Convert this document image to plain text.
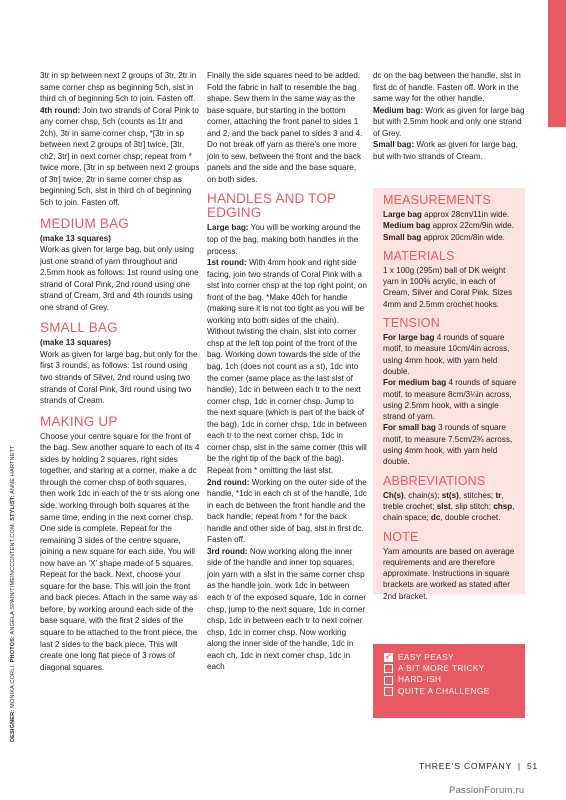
3tr in sp between next 2 groups of 3tr, 2tr in same corner chsp as beginning 5ch, slst in third ch of beginning 5ch to join. Fasten off.

4th round: Join two strands of Coral Pink to any corner chsp, 5ch (counts as 1tr and 2ch), 3tr in same corner chsp, *[3tr in sp between next 2 groups of 3tr] twice, [3tr, ch2, 3tr] in next corner chsp; repeat from * twice more, [3tr in sp between next 2 groups of 3tr] twice, 2tr in same corner chsp as beginning 5ch, slst in third ch of beginning 5ch to join. Fasten off.

MEDIUM BAG

(make 13 squares)

Work as given for large bag, but only using just one strand of yarn throughout and 2.5mm hook as follows: 1st round using one strand of Coral Pink, 2nd round using one strand of Cream, 3rd and 4th rounds using one strand of Grey.

SMALL BAG

(make 13 squares)

Work as given for large bag, but only for the first 3 rounds, as follows: 1st round using two strands of Silver, 2nd round using two strands of Coral Pink, 3rd round using two strands of Cream.

MAKING UP

Choose your centre square for the front of the bag. Sew another square to each of its 4 sides by holding 2 squares, right sides together, and staring at a corner, make a dc through the corner chsp of both squares, then work 1dc in each of the tr sts along one side, working through both squares at the same time, ending in the next corner chsp. One side is complete. Repeat for the remaining 3 sides of the centre square, joining a new square for each side. You will now have an ‘X’ shape made of 5 squares. Repeat for the back. Next, choose your square for the base. This will join the front and back pieces. Attach in the same way as before, by working around each side of the base square, with the first 2 sides of the square to be attached to the front piece, the last 2 sides to the back piece. This will create one long flat piece of 3 rows of diagonal squares.

Finally the side squares need to be added. Fold the fabric in half to resemble the bag shape. Sew them in the same way as the base square, but starting in the bottom corner, attaching the front panel to sides 1 and 2, and the back panel to sides 3 and 4. Do not break off yarn as there’s one more join to sew, between the front and the back panels and the side and the base square, on both sides.

HANDLES AND TOP EDGING

Large bag: You will be working around the top of the bag, making both handles in the process.

1st round: With 4mm hook and right side facing, join two strands of Coral Pink with a slst into corner chsp at the top right point, on front of the bag. *Make 40ch for handle (making sure it is not too tight as you will be working into both sides of the chain). Without twisting the chain, slst into corner chsp at the left top point of the front of the bag. Working down towards the side of the bag, 1ch (does not count as a st), 1dc into the corner (same place as the last slst of handle), 1dc in between each tr to the next corner chsp, 1dc in corner chsp. Jump to the next square (which is part of the back of the bag), 1dc in corner chsp, 1dc in between each tr to the next corner chsp, 1dc in corner chsp, slst in the same corner (this will be the right tip of the back of the bag). Repeat from * omitting the last slst.

2nd round: Working on the outer side of the handle, *1dc in each ch st of the handle, 1dc in each dc between the front handle and the back handle; repeat from * for the back handle and other side of bag, slst in first dc. Fasten off.

3rd round: Now working along the inner side of the handle and inner top squares, join yarn with a slst in the same corner chsp as the handle join, work 1dc in between each tr of the exposed square, 1dc in corner chsp, jump to the next square, 1dc in corner chsp, 1dc in between each tr to next corner chsp, 1dc in corner chsp. Now working along the inner side of the handle, 1dc in each ch, 1dc in next corner chsp, 1dc in each

dc on the bag between the handle, slst in first dc of handle. Fasten off. Work in the same way for the other handle.

Medium bag: Work as given for large bag but with 2.5mm hook and only one strand of Grey.

Small bag: Work as given for large bag, but with two strands of Cream.

MEASUREMENTS

Large bag approx 28cm/11in wide. Medium bag approx 22cm/9in wide. Small bag approx 20cm/8in wide.

MATERIALS

1 x 100g (295m) ball of DK weight yarn in 100% acrylic, in each of Cream, Silver and Coral Pink. Sizes 4mm and 2.5mm crochet hooks.

TENSION

For large bag 4 rounds of square motif, to measure 10cm/4in across, using 4mm hook, with yarn held double.

For medium bag 4 rounds of square motif, to measure 8cm/3¼in across, using 2.5mm hook, with a single strand of yarn.

For small bag 3 rounds of square motif, to measure 7.5cm/2¾ across, using 4mm hook, with yarn held double.

ABBREVIATIONS

Ch(s), chain(s); st(s), stitches; tr, treble crochet; slst, slip stitch; chsp, chain space; dc, double crochet.

NOTE

Yarn amounts are based on average requirements and are therefore approximate. Instructions in square brackets are worked as stated after 2nd bracket.

✓
EASY PEASY
A BIT MORE TRICKY
HARD-ISH
QUITE A CHALLENGE
DESIGNER: MONIKA CORLI. PHOTOS: ANGELA SPAIN/TIMEINCCONTENT.COM. STYLIST: ANNE HARTNETT
THREE’S COMPANY | 51
PassionForum.ru
